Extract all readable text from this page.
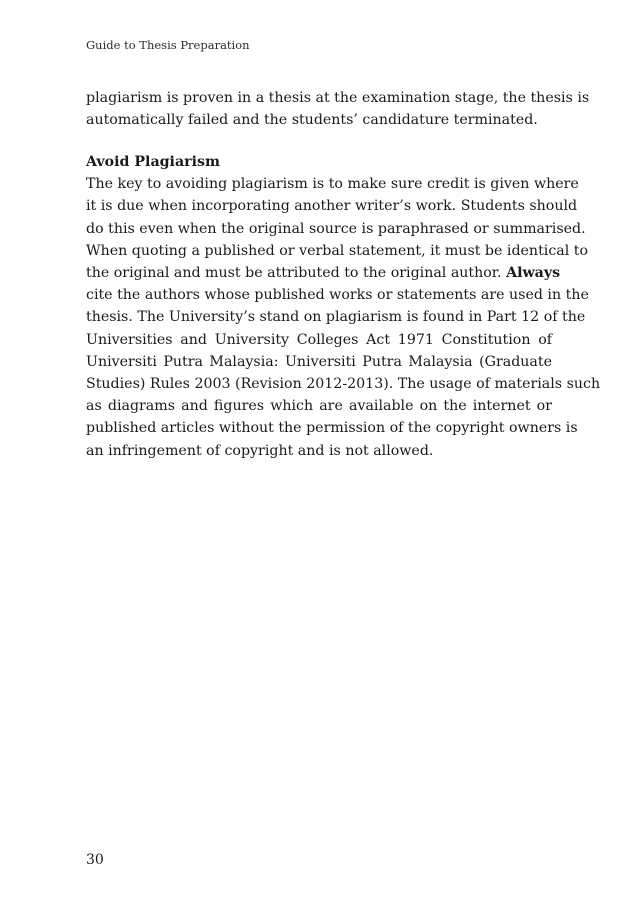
Guide to Thesis Preparation
plagiarism is proven in a thesis at the examination stage, the thesis is
automatically failed and the students’ candidature terminated.
Avoid Plagiarism
The key to avoiding plagiarism is to make sure credit is given where
it is due when incorporating another writer’s work. Students should
do this even when the original source is paraphrased or summarised.
When quoting a published or verbal statement, it must be identical to
the original and must be attributed to the original author. Always
cite the authors whose published works or statements are used in the
thesis. The University’s stand on plagiarism is found in Part 12 of the
Universities and University Colleges Act 1971 Constitution of
Universiti Putra Malaysia: Universiti Putra Malaysia (Graduate
Studies) Rules 2003 (Revision 2012-2013). The usage of materials such
as diagrams and figures which are available on the internet or
published articles without the permission of the copyright owners is
an infringement of copyright and is not allowed.
30
